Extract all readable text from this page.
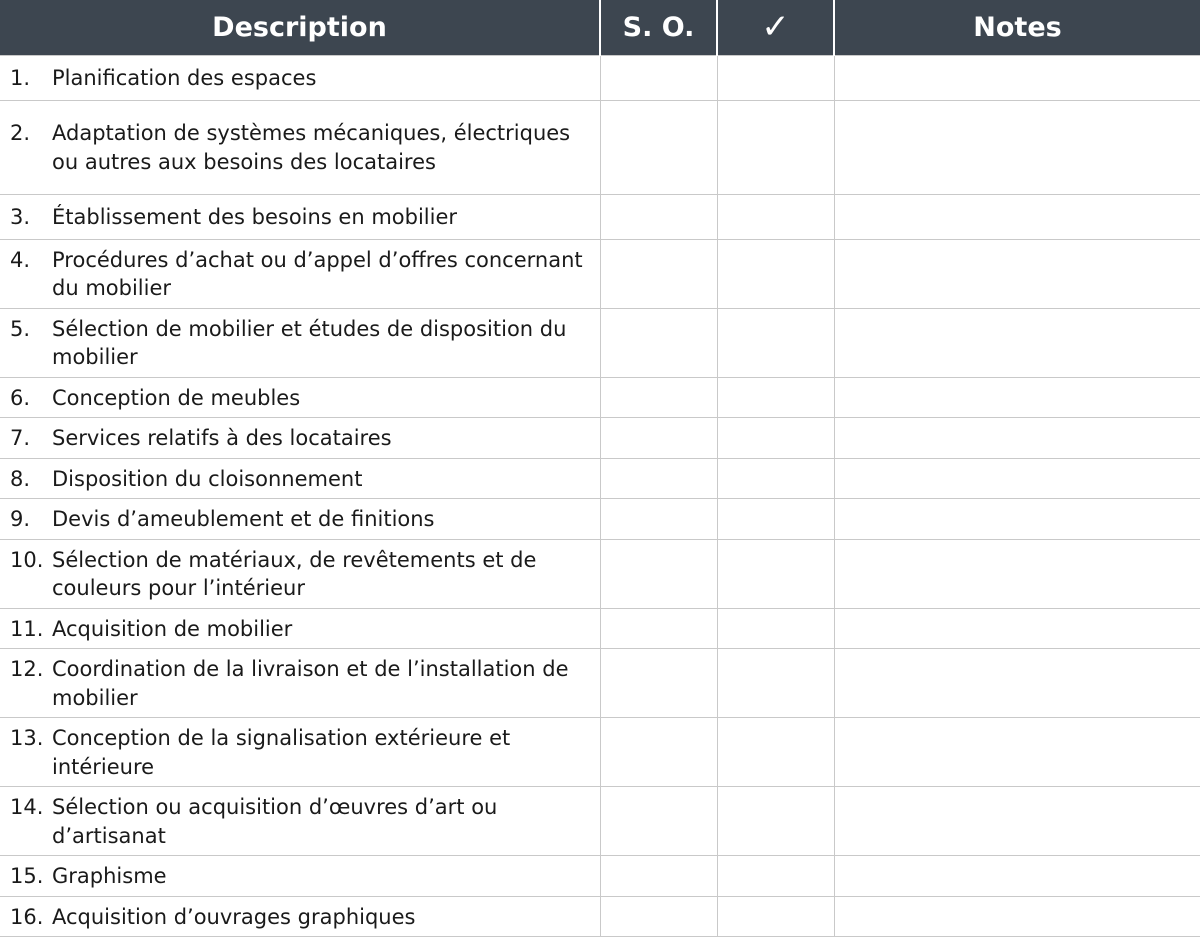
Description	S. O.	✓	Notes

1. Planification des espaces			

2. Adaptation de systèmes mécaniques, électriques ou autres aux besoins des locataires			

3. Établissement des besoins en mobilier			

4. Procédures d’achat ou d’appel d’offres concernant du mobilier			

5. Sélection de mobilier et études de disposition du mobilier			

6. Conception de meubles			

7. Services relatifs à des locataires			

8. Disposition du cloisonnement			

9. Devis d’ameublement et de finitions			

10. Sélection de matériaux, de revêtements et de couleurs pour l’intérieur			

11. Acquisition de mobilier			

12. Coordination de la livraison et de l’installation de mobilier			

13. Conception de la signalisation extérieure et intérieure			

14. Sélection ou acquisition d’œuvres d’art ou d’artisanat			

15. Graphisme			

16. Acquisition d’ouvrages graphiques			
